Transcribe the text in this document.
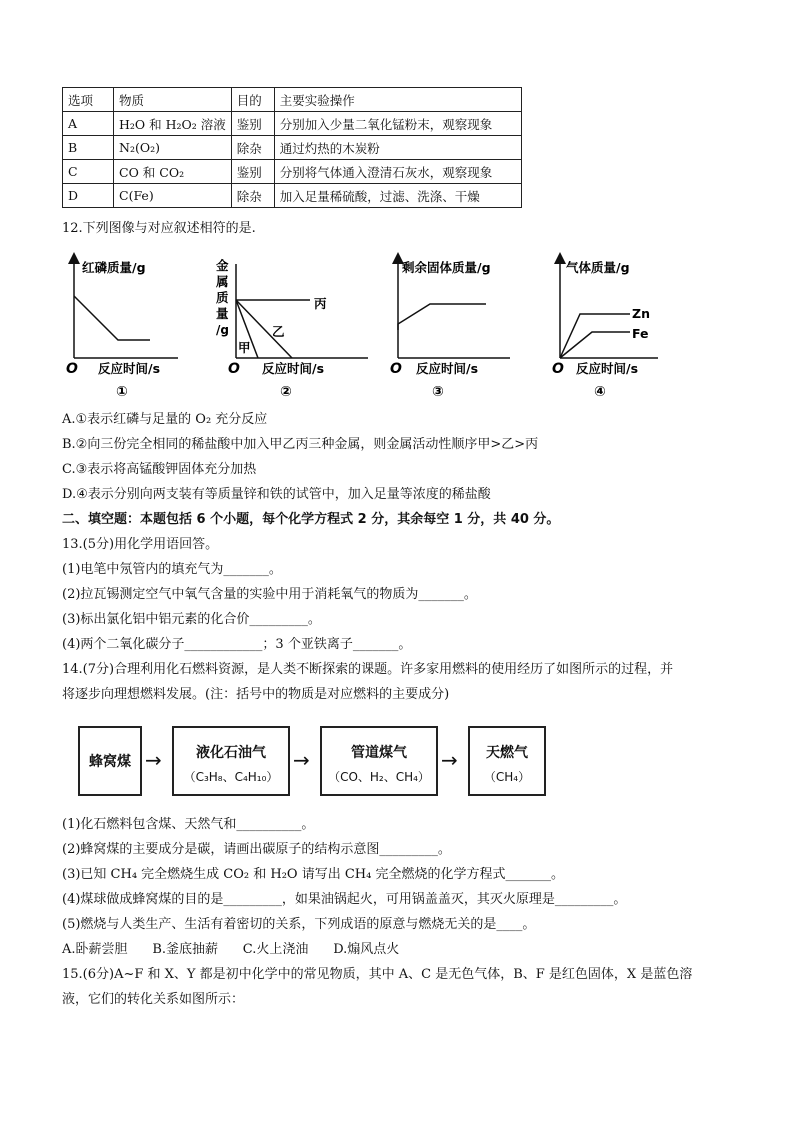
选项	物质	目的	主要实验操作
A	H₂O 和 H₂O₂ 溶液	鉴别	分别加入少量二氧化锰粉末，观察现象
B	N₂(O₂)	除杂	通过灼热的木炭粉
C	CO 和 CO₂	鉴别	分别将气体通入澄清石灰水，观察现象
D	C(Fe)	除杂	加入足量稀硫酸，过滤、洗涤、干燥
12.下列图像与对应叙述相符的是.
红磷质量/g
O 反应时间/s
①
金
属
质
量
/g
丙
乙
甲
O 反应时间/s
②
剩余固体质量/g
O 反应时间/s
③
气体质量/g
Zn
Fe
O 反应时间/s
④
A.①表示红磷与足量的 O₂ 充分反应
B.②向三份完全相同的稀盐酸中加入甲乙丙三种金属，则金属活动性顺序甲>乙>丙
C.③表示将高锰酸钾固体充分加热
D.④表示分别向两支装有等质量锌和铁的试管中，加入足量等浓度的稀盐酸
二、填空题：本题包括 6 个小题，每个化学方程式 2 分，其余每空 1 分，共 40 分。
13.(5分)用化学用语回答。
(1)电笔中氖管内的填充气为_______。
(2)拉瓦锡测定空气中氧气含量的实验中用于消耗氧气的物质为_______。
(3)标出氯化铝中铝元素的化合价_________。
(4)两个二氧化碳分子____________；3 个亚铁离子_______。
14.(7分)合理利用化石燃料资源，是人类不断探索的课题。许多家用燃料的使用经历了如图所示的过程，并
将逐步向理想燃料发展。(注：括号中的物质是对应燃料的主要成分)
蜂窝煤 →	液化石油气
（C₃H₈、C₄H₁₀）
→	管道煤气
（CO、H₂、CH₄）
→	天燃气
（CH₄）
(1)化石燃料包含煤、天然气和__________。
(2)蜂窝煤的主要成分是碳，请画出碳原子的结构示意图_________。
(3)已知 CH₄ 完全燃烧生成 CO₂ 和 H₂O 请写出 CH₄ 完全燃烧的化学方程式_______。
(4)煤球做成蜂窝煤的目的是_________，如果油锅起火，可用锅盖盖灭，其灭火原理是_________。
(5)燃烧与人类生产、生活有着密切的关系，下列成语的原意与燃烧无关的是____。
A.卧薪尝胆      B.釜底抽薪      C.火上浇油      D.煽风点火
15.(6分)A~F 和 X、Y 都是初中化学中的常见物质，其中 A、C 是无色气体，B、F 是红色固体，X 是蓝色溶
液，它们的转化关系如图所示：
